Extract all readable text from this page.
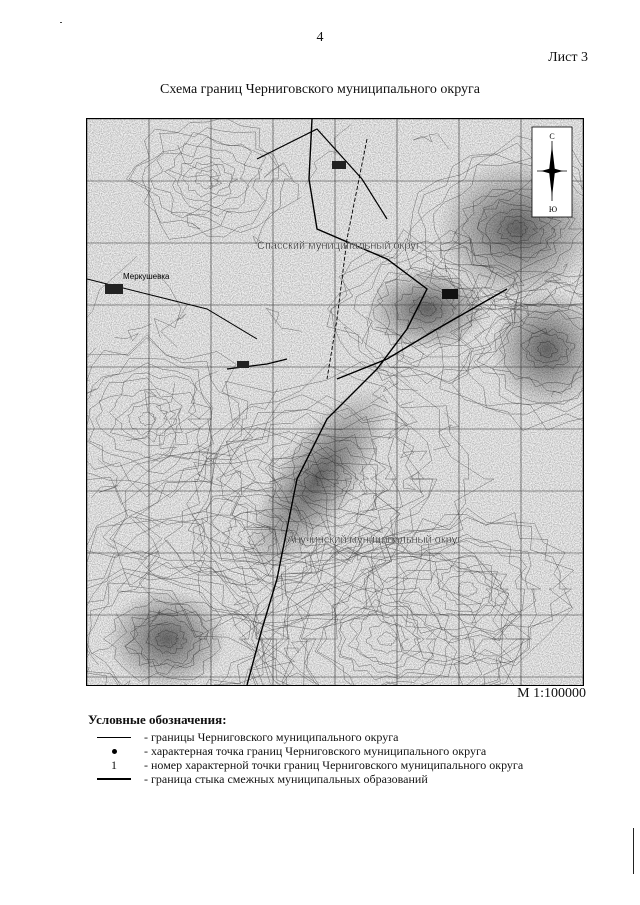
4
Лист 3
Схема границ Черниговского муниципального округа
Меркушевка
Спасский муниципальный округ
Анучинский муниципальный округ
С
Ю
М 1:100000
Условные обозначения:
- границы Черниговского муниципального округа
- характерная точка границ Черниговского муниципального округа
1 - номер характерной точки границ Черниговского муниципального округа
- граница стыка смежных муниципальных образований
